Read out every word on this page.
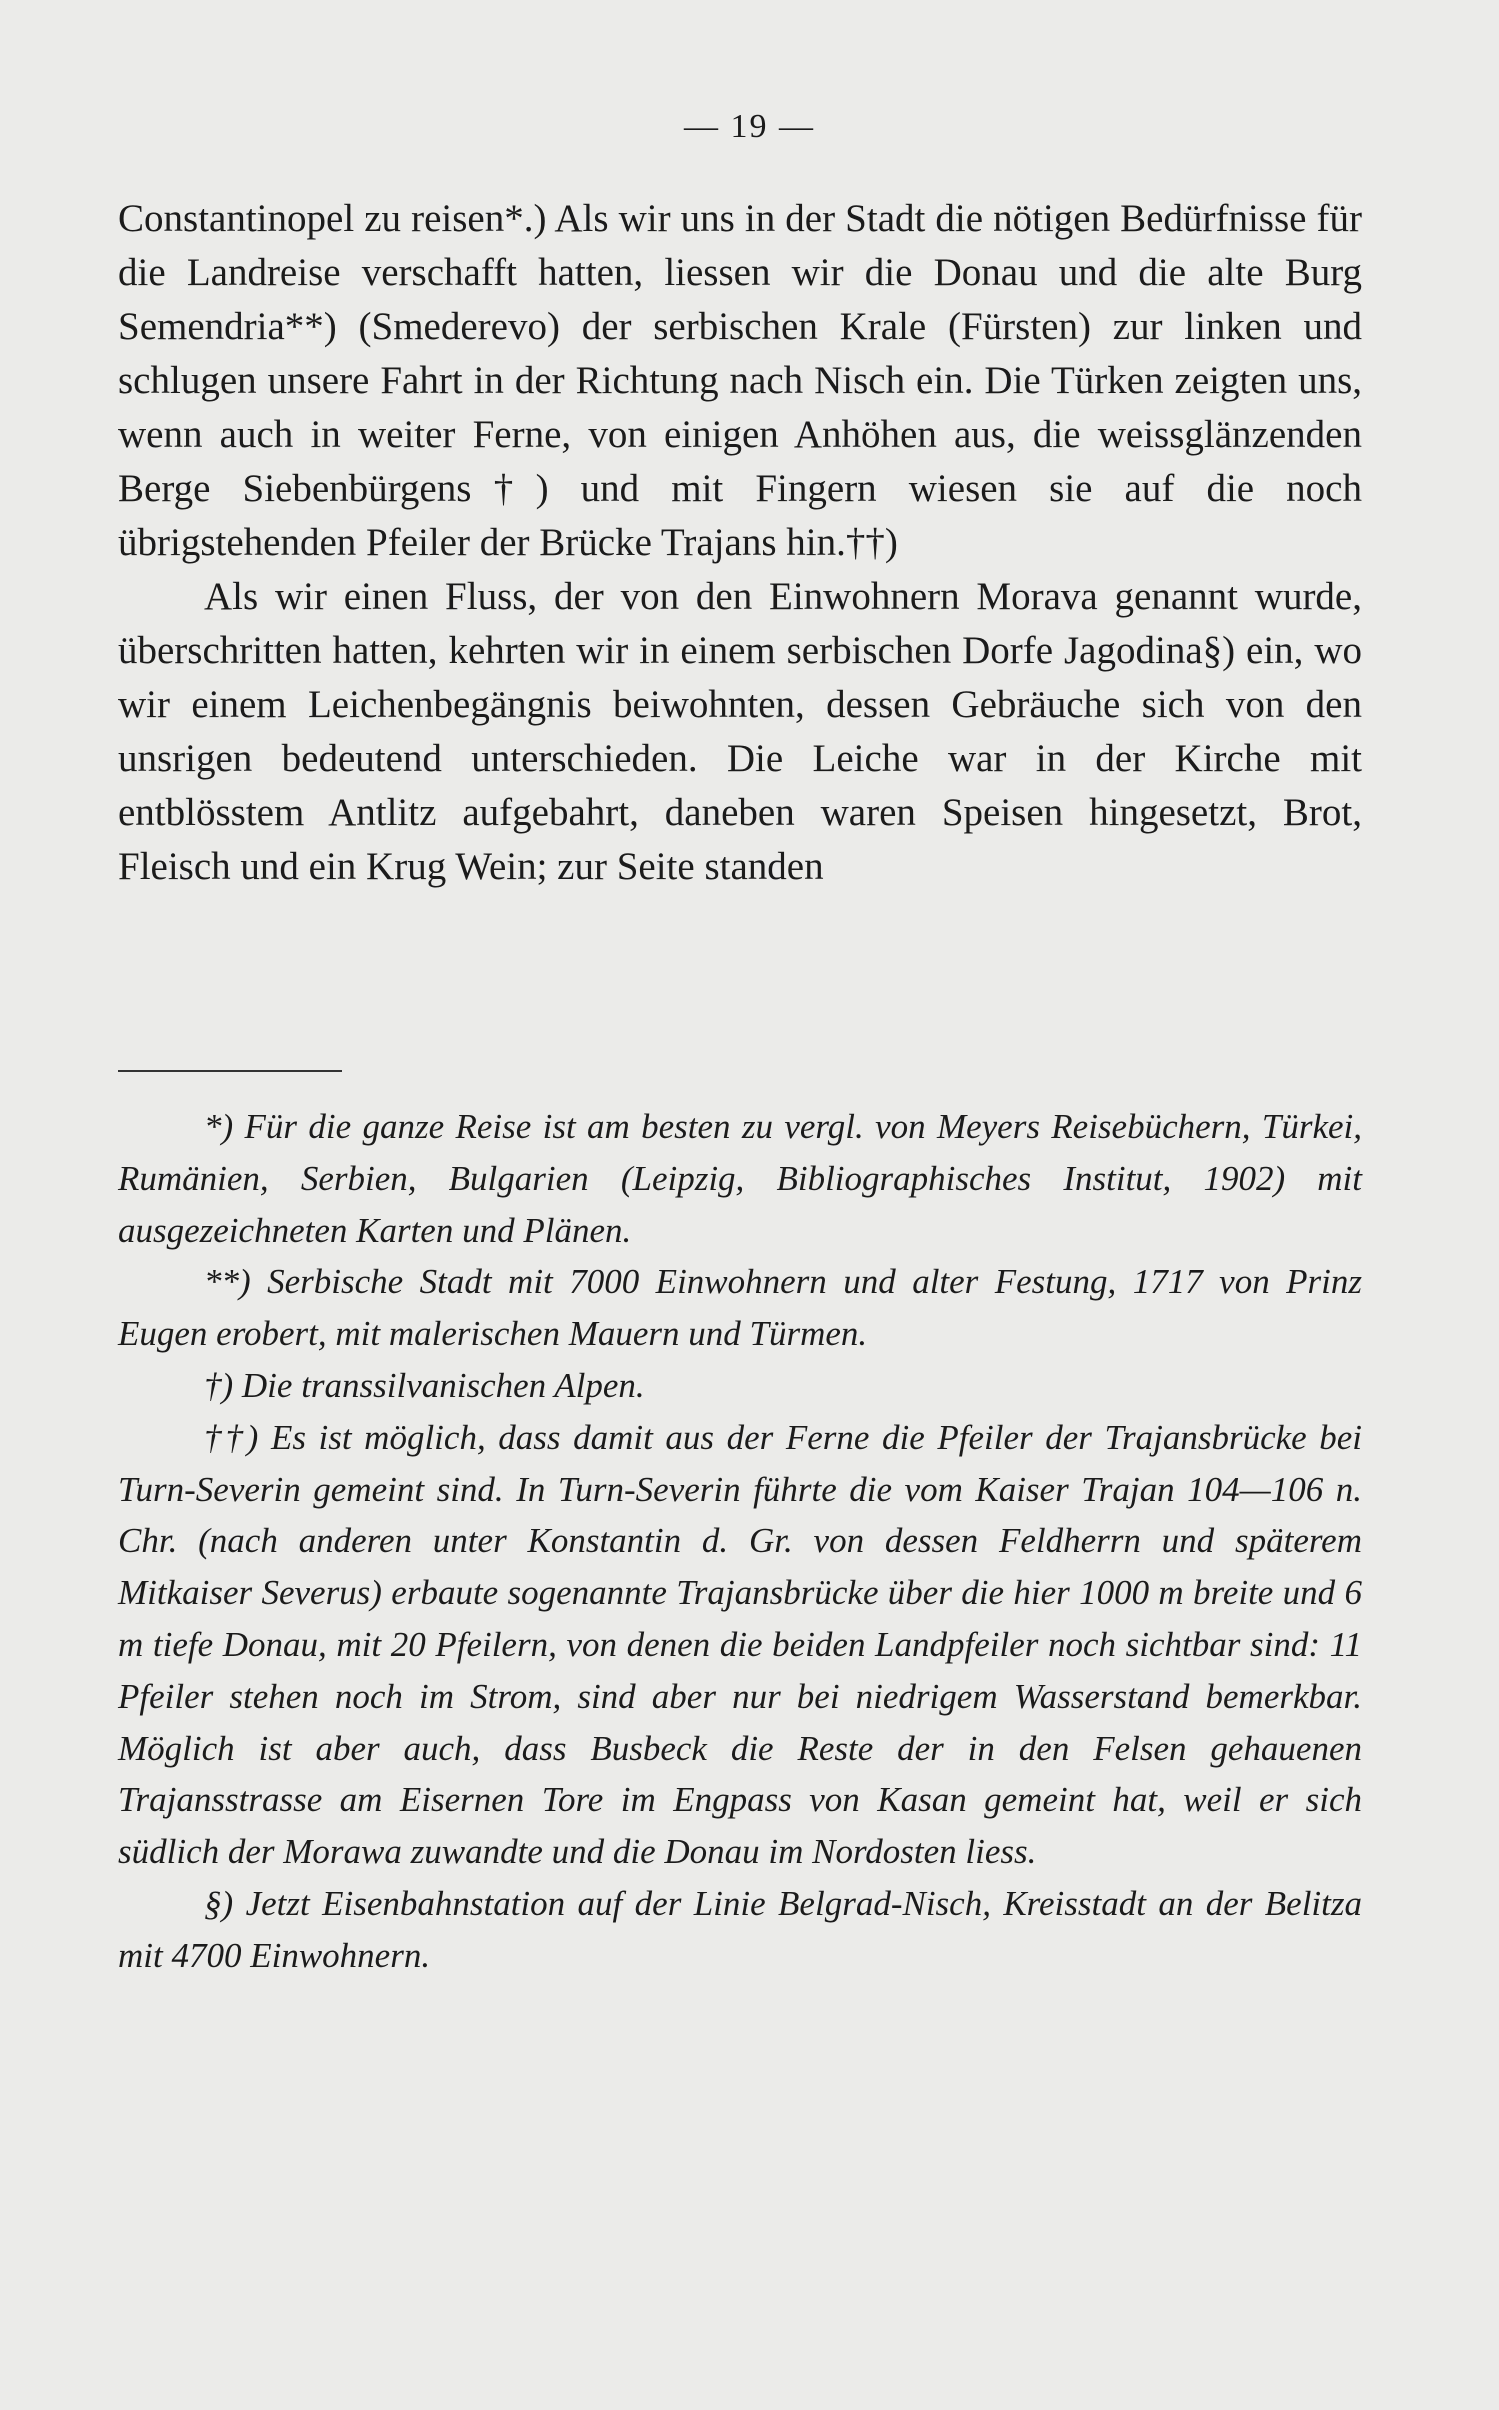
— 19 —

Constantinopel zu reisen*.) Als wir uns in der Stadt die nötigen Bedürfnisse für die Landreise verschafft hatten, liessen wir die Donau und die alte Burg Semendria**) (Smederevo) der serbischen Krale (Fürsten) zur linken und schlugen unsere Fahrt in der Richtung nach Nisch ein. Die Türken zeigten uns, wenn auch in weiter Ferne, von einigen Anhöhen aus, die weissglänzenden Berge Siebenbürgens†) und mit Fingern wiesen sie auf die noch übrigstehenden Pfeiler der Brücke Trajans hin.††)

Als wir einen Fluss, der von den Einwohnern Morava genannt wurde, überschritten hatten, kehrten wir in einem serbischen Dorfe Jagodina§) ein, wo wir einem Leichenbegängnis beiwohnten, dessen Gebräuche sich von den unsrigen bedeutend unterschieden. Die Leiche war in der Kirche mit entblösstem Antlitz aufgebahrt, daneben waren Speisen hingesetzt, Brot, Fleisch und ein Krug Wein; zur Seite standen

*) Für die ganze Reise ist am besten zu vergl. von Meyers Reisebüchern, Türkei, Rumänien, Serbien, Bulgarien (Leipzig, Bibliographisches Institut, 1902) mit ausgezeichneten Karten und Plänen.

**) Serbische Stadt mit 7000 Einwohnern und alter Festung, 1717 von Prinz Eugen erobert, mit malerischen Mauern und Türmen.

†) Die transsilvanischen Alpen.

††) Es ist möglich, dass damit aus der Ferne die Pfeiler der Trajansbrücke bei Turn-Severin gemeint sind. In Turn-Severin führte die vom Kaiser Trajan 104—106 n. Chr. (nach anderen unter Konstantin d. Gr. von dessen Feldherrn und späterem Mitkaiser Severus) erbaute sogenannte Trajansbrücke über die hier 1000 m breite und 6 m tiefe Donau, mit 20 Pfeilern, von denen die beiden Landpfeiler noch sichtbar sind: 11 Pfeiler stehen noch im Strom, sind aber nur bei niedrigem Wasserstand bemerkbar. Möglich ist aber auch, dass Busbeck die Reste der in den Felsen gehauenen Trajansstrasse am Eisernen Tore im Engpass von Kasan gemeint hat, weil er sich südlich der Morawa zuwandte und die Donau im Nordosten liess.

§) Jetzt Eisenbahnstation auf der Linie Belgrad-Nisch, Kreisstadt an der Belitza mit 4700 Einwohnern.
